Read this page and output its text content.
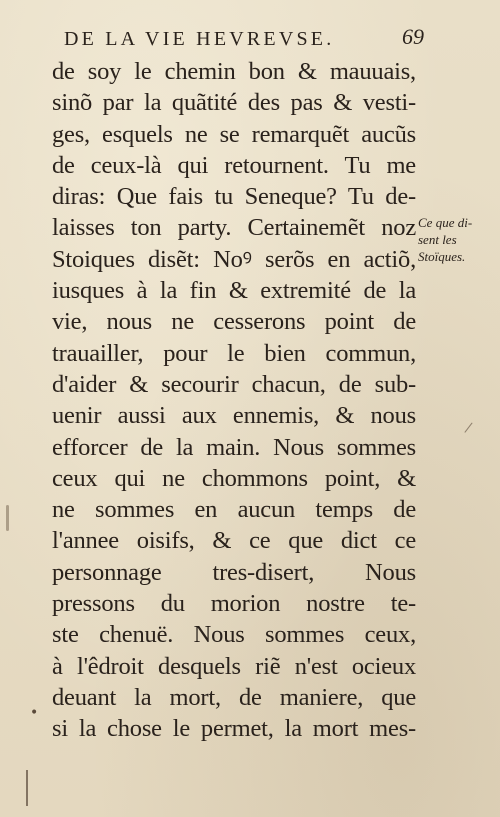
DE LA VIE HEVREVSE.	69
de soy le chemin bon & mauuais,
sinõ par la quãtité des pas & vesti-
ges, esquels ne se remarquẽt aucũs
de ceux-là qui retournent. Tu me
diras: Que fais tu Seneque? Tu de-
laisses ton party. Certainemẽt noz
Stoiques disẽt: Noꝰ serõs en actiõ,
iusques à la fin & extremité de la
vie, nous ne cesserons point de
trauailler, pour le bien commun,
d'aider & secourir chacun, de sub-
uenir aussi aux ennemis, & nous
efforcer de la main. Nous sommes
ceux qui ne chommons point, &
ne sommes en aucun temps de
l'annee oisifs, & ce que dict ce
personnage tres-disert, Nous
pressons du morion nostre te-
ste chenuë. Nous sommes ceux,
à l'êdroit desquels riẽ n'est ocieux
deuant la mort, de maniere, que
si la chose le permet, la mort mes-
Ce que di-
sent les
Stoïques.
•
/
